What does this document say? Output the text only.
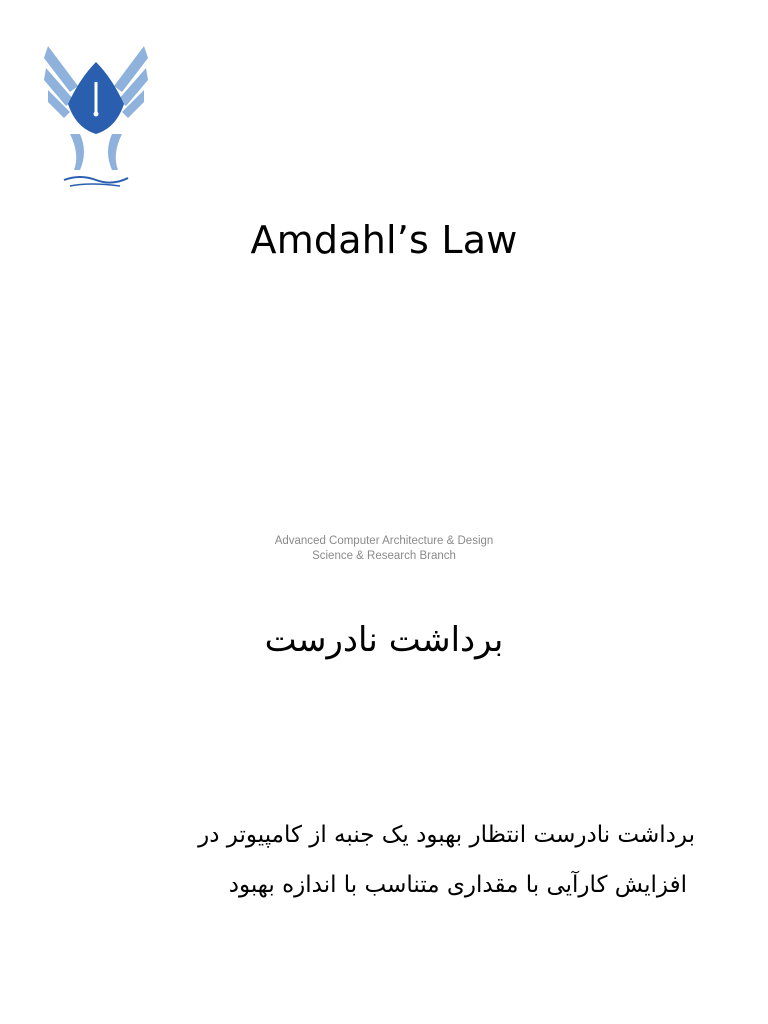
Amdahl’s Law
Advanced Computer Architecture & Design
Science & Research Branch
برداشت نادرست
برداشت نادرست انتظار بهبود یک جنبه از کامپیوتر در
افزایش کارآیی با مقداری متناسب با اندازه بهبود
